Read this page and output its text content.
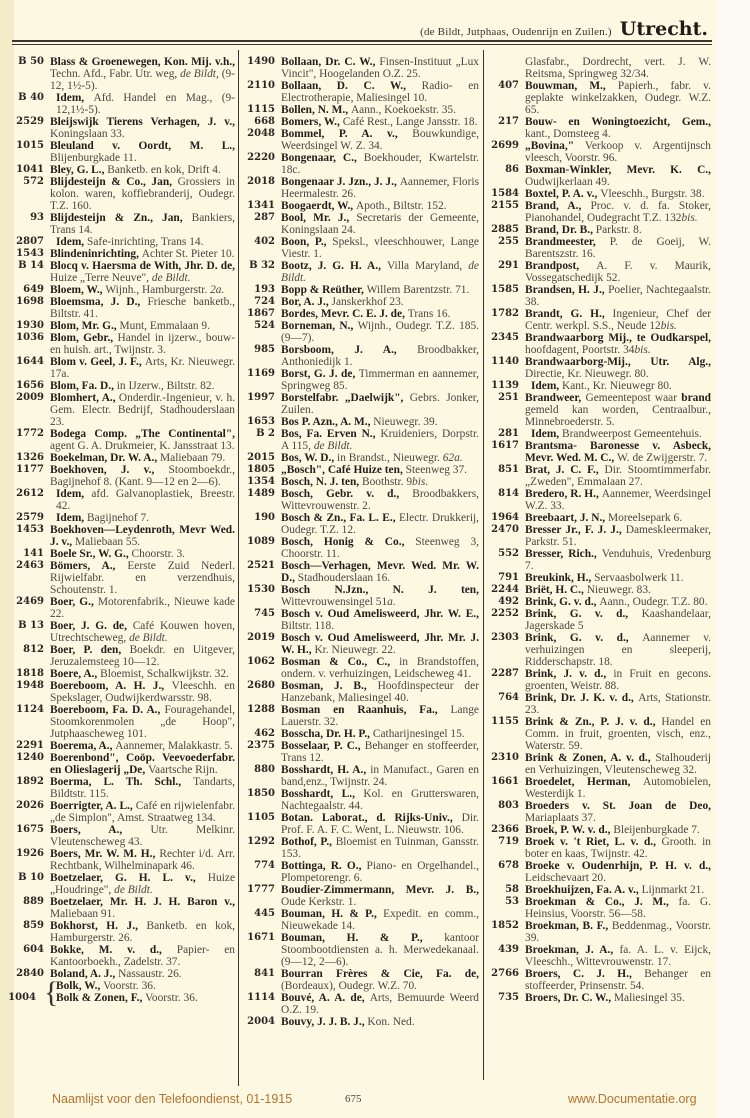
(de Bildt, Jutphaas, Oudenrijn en Zuilen.) Utrecht.
Blass & Groenewegen, Kon. Mij. v.h., Techn. Afd., Fabr. Utr. weg, de Bildt, (9-12, 1½-5).
B 50
Idem, Afd. Handel en Mag., (9-12,1½-5).
B 40
Bleijswijk Tierens Verhagen, J. v., Koningslaan 33.
2529
Bleuland v. Oordt, M. L., Blijenburgkade 11.
1015
Bley, G. L., Banketb. en kok, Drift 4.
1041
Blijdesteijn & Co., Jan, Grossiers in kolon. waren, koffiebranderij, Oudegr. T.Z. 160.
572
Blijdesteijn & Zn., Jan, Bankiers, Trans 14.
93
Idem, Safe-inrichting, Trans 14.
2807
Blindeninrichting, Achter St. Pieter 10.
1543
Blocq v. Haersma de With, Jhr. D. de, Huize „Terre Neuve", de Bildt.
B 14
Bloem, W., Wijnh., Hamburgerstr. 2a.
649
Bloemsma, J. D., Friesche banketb., Biltstr. 41.
1698
Blom, Mr. G., Munt, Emmalaan 9.
1930
Blom, Gebr., Handel in ijzerw., bouw- en huish. art., Twijnstr. 3.
1036
Blom v. Geel, J. F., Arts, Kr. Nieuwegr. 17a.
1644
Blom, Fa. D., in IJzerw., Biltstr. 82.
1656
Blomhert, A., Onderdir.-Ingenieur, v. h. Gem. Electr. Bedrijf, Stadhouderslaan 23.
2009
Bodega Comp. „The Continental", agent G. A. Drukmeier, K. Jansstraat 13.
1772
Boekelman, Dr. W. A., Maliebaan 79.
1326
Boekhoven, J. v., Stoomboekdr., Bagijnehof 8. (Kant. 9—12 en 2—6).
1177
Idem, afd. Galvanoplastiek, Breestr. 42.
2612
Idem, Bagijnehof 7.
2579
Boekhoven—Leydenroth, Mevr Wed. J. v., Maliebaan 55.
1453
Boele Sr., W. G., Choorstr. 3.
141
Bömers, A., Eerste Zuid Nederl. Rijwielfabr. en verzendhuis, Schoutenstr. 1.
2463
Boer, G., Motorenfabrik., Nieuwe kade 22.
2469
Boer, J. G. de, Café Kouwen hoven, Utrechtscheweg, de Bildt.
B 13
Boer, P. den, Boekdr. en Uitgever, Jeruzalemsteeg 10—12.
812
Boere, A., Bloemist, Schalkwijkstr. 32.
1818
Boereboom, A. H. J., Vleeschh. en Spekslager, Oudwijkerdwarsstr. 98.
1948
Boereboom, Fa. D. A., Fouragehandel, Stoomkorenmolen „de Hoop", Jutphaascheweg 101.
1124
Boerema, A., Aannemer, Malakkastr. 5.
2291
Boerenbond", Coöp. Veevoederfabr. en Olieslagerij „De, Vaartsche Rijn.
1240
Boerma, L. Th. Schl., Tandarts, Bildtstr. 115.
1892
Boerrigter, A. L., Café en rijwielenfabr. „de Simplon", Amst. Straatweg 134.
2026
Boers, A., Utr. Melkinr. Vleutenscheweg 43.
1675
Boers, Mr. W. M. H., Rechter i/d. Arr. Rechtbank, Wilhelminapark 46.
1926
Boetzelaer, G. H. L. v., Huize „Houdringe", de Bildt.
B 10
Boetzelaer, Mr. H. J. H. Baron v., Maliebaan 91.
889
Bokhorst, H. J., Banketb. en kok, Hamburgerstr. 26.
859
Bokke, M. v. d., Papier- en Kantoorboekh., Zadelstr. 37.
604
Boland, A. J., Nassaustr. 26.
2840
Bolk, W., Voorstr. 36.
Bolk & Zonen, F., Voorstr. 36.
{
1004
Bollaan, Dr. C. W., Finsen-Instituut „Lux Vincit", Hoogelanden O.Z. 25.
1490
Bollaan, D. C. W., Radio- en Electrotherapie, Maliesingel 10.
2110
Bollen, N. M., Aann., Koekoekstr. 35.
1115
Bomers, W., Café Rest., Lange Jansstr. 18.
668
Bommel, P. A. v., Bouwkundige, Weerdsingel W. Z. 34.
2048
Bongenaar, C., Boekhouder, Kwartelstr. 18c.
2220
Bongenaar J. Jzn., J. J., Aannemer, Floris Heermalestr. 26.
2018
Boogaerdt, W., Apoth., Biltstr. 152.
1341
Bool, Mr. J., Secretaris der Gemeente, Koningslaan 24.
287
Boon, P., Speksl., vleeschhouwer, Lange Viestr. 1.
402
Bootz, J. G. H. A., Villa Maryland, de Bildt.
B 32
Bopp & Reüther, Willem Barentzstr. 71.
193
Bor, A. J., Janskerkhof 23.
724
Bordes, Mevr. C. E. J. de, Trans 16.
1867
Borneman, N., Wijnh., Oudegr. T.Z. 185. (9—7).
524
Borsboom, J. A., Broodbakker, Anthoniedijk 1.
985
Borst, G. J. de, Timmerman en aannemer, Springweg 85.
1169
Borstelfabr. „Daelwijk", Gebrs. Jonker, Zuilen.
1997
Bos P. Azn., A. M., Nieuwegr. 39.
1653
Bos, Fa. Erven N., Kruideniers, Dorpstr. A 115, de Bildt.
B 2
Bos, W. D., in Brandst., Nieuwegr. 62a.
2015
„Bosch", Café Huize ten, Steenweg 37.
1805
Bosch, N. J. ten, Boothstr. 9bis.
1354
Bosch, Gebr. v. d., Broodbakkers, Wittevrouwenstr. 2.
1489
Bosch & Zn., Fa. L. E., Electr. Drukkerij, Oudegr. T.Z. 12.
190
Bosch, Honig & Co., Steenweg 3, Choorstr. 11.
1089
Bosch—Verhagen, Mevr. Wed. Mr. W. D., Stadhouderslaan 16.
2521
Bosch N.Jzn., N. J. ten, Wittevrouwensingel 51a.
1530
Bosch v. Oud Amelisweerd, Jhr. W. E., Biltstr. 118.
745
Bosch v. Oud Amelisweerd, Jhr. Mr. J. W. H., Kr. Nieuwegr. 22.
2019
Bosman & Co., C., in Brandstoffen, ondern. v. verhuizingen, Leidscheweg 41.
1062
Bosman, J. B., Hoofdinspecteur der Hanzebank, Maliesingel 40.
2680
Bosman en Raanhuis, Fa., Lange Lauerstr. 32.
1288
Bosscha, Dr. H. P., Catharijnesingel 15.
462
Bosselaar, P. C., Behanger en stoffeerder, Trans 12.
2375
Bosshardt, H. A., in Manufact., Garen en band,enz., Twijnstr. 24.
880
Bosshardt, L., Kol. en Grutterswaren, Nachtegaalstr. 44.
1850
Botan. Laborat., d. Rijks-Univ., Dir. Prof. F. A. F. C. Went, L. Nieuwstr. 106.
1105
Bothof, P., Bloemist en Tuinman, Gansstr. 153.
1292
Bottinga, R. O., Piano- en Orgelhandel., Plompetorengr. 6.
774
Boudier-Zimmermann, Mevr. J. B., Oude Kerkstr. 1.
1777
Bouman, H. & P., Expedit. en comm., Nieuwekade 14.
445
Bouman, H. & P., kantoor Stoombootdiensten a. h. Merwedekanaal. (9—12, 2—6).
1671
Bourran Frères & Cie, Fa. de, (Bordeaux), Oudegr. W.Z. 70.
841
Bouvé, A. A. de, Arts, Bemuurde Weerd O.Z. 19.
1114
Bouvy, J. J. B. J., Kon. Ned.
2004
Glasfabr., Dordrecht, vert. J. W. Reitsma, Springweg 32/34.
Bouwman, M., Papierh., fabr. v. geplakte winkelzakken, Oudegr. W.Z. 65.
407
Bouw- en Woningtoezicht, Gem., kant., Domsteeg 4.
217
„Bovina," Verkoop v. Argentijnsch vleesch, Voorstr. 96.
2699
Boxman-Winkler, Mevr. K. C., Oudwijkerlaan 49.
86
Boxtel, P. A. v., Vleeschh., Burgstr. 38.
1584
Brand, A., Proc. v. d. fa. Stoker, Pianohandel, Oudegracht T.Z. 132bis.
2155
Brand, Dr. B., Parkstr. 8.
2885
Brandmeester, P. de Goeij, W. Barentszstr. 16.
255
Brandpost, A. F. v. Maurik, Vossegatschedijk 52.
291
Brandsen, H. J., Poelier, Nachtegaalstr. 38.
1585
Brandt, G. H., Ingenieur, Chef der Centr. werkpl. S.S., Neude 12bis.
1782
Brandwaarborg Mij., te Oudkarspel, hoofdagent, Poortstr. 34bis.
2345
Brandwaarborg-Mij., Utr. Alg., Directie, Kr. Nieuwegr. 80.
1140
Idem, Kant., Kr. Nieuwegr 80.
1139
Brandweer, Gemeentepost waar brand gemeld kan worden, Centraalbur., Minnebroederstr. 5.
251
Idem, Brandweerpost Gemeentehuis.
281
Brantsma- Baronesse v. Asbeck, Mevr. Wed. M. C., W. de Zwijgerstr. 7.
1617
Brat, J. C. F., Dir. Stoomtimmerfabr. „Zweden", Emmalaan 27.
851
Bredero, R. H., Aannemer, Weerdsingel W.Z. 33.
814
Breebaart, J. N., Moreelsepark 6.
1964
Bresser Jr., F. J. J., Dameskleermaker, Parkstr. 51.
2470
Bresser, Rich., Venduhuis, Vredenburg 7.
552
Breukink, H., Servaasbolwerk 11.
791
Briët, H. C., Nieuwegr. 83.
2244
Brink, G. v. d., Aann., Oudegr. T.Z. 80.
492
Brink, G. v. d., Kaashandelaar, Jagerskade 5
2252
Brink, G. v. d., Aannemer v. verhuizingen en sleeperij, Ridderschapstr. 18.
2303
Brink, J. v. d., in Fruit en gecons. groenten, Weistr. 88.
2287
Brink, Dr. J. K. v. d., Arts, Stationstr. 23.
764
Brink & Zn., P. J. v. d., Handel en Comm. in fruit, groenten, visch, enz., Waterstr. 59.
1155
Brink & Zonen, A. v. d., Stalhouderij en Verhuizingen, Vleutenscheweg 32.
2310
Broedelet, Herman, Automobielen, Westerdijk 1.
1661
Broeders v. St. Joan de Deo, Mariaplaats 37.
803
Broek, P. W. v. d., Bleijenburgkade 7.
2366
Broek v. 't Riet, L. v. d., Grooth. in boter en kaas, Twijnstr. 42.
719
Broeke v. Oudenrhijn, P. H. v. d., Leidschevaart 20.
678
Broekhuijzen, Fa. A. v., Lijnmarkt 21.
58
Broekman & Co., J. M., fa. G. Heinsius, Voorstr. 56—58.
53
Broekman, B. F., Beddenmag., Voorstr. 39.
1852
Broekman, J. A., fa. A. L. v. Eijck, Vleeschh., Wittevrouwenstr. 17.
439
Broers, C. J. H., Behanger en stoffeerder, Prinsenstr. 54.
2766
Broers, Dr. C. W., Maliesingel 35.
735
Naamlijst voor den Telefoondienst, 01-1915	675	www.Documentatie.org
